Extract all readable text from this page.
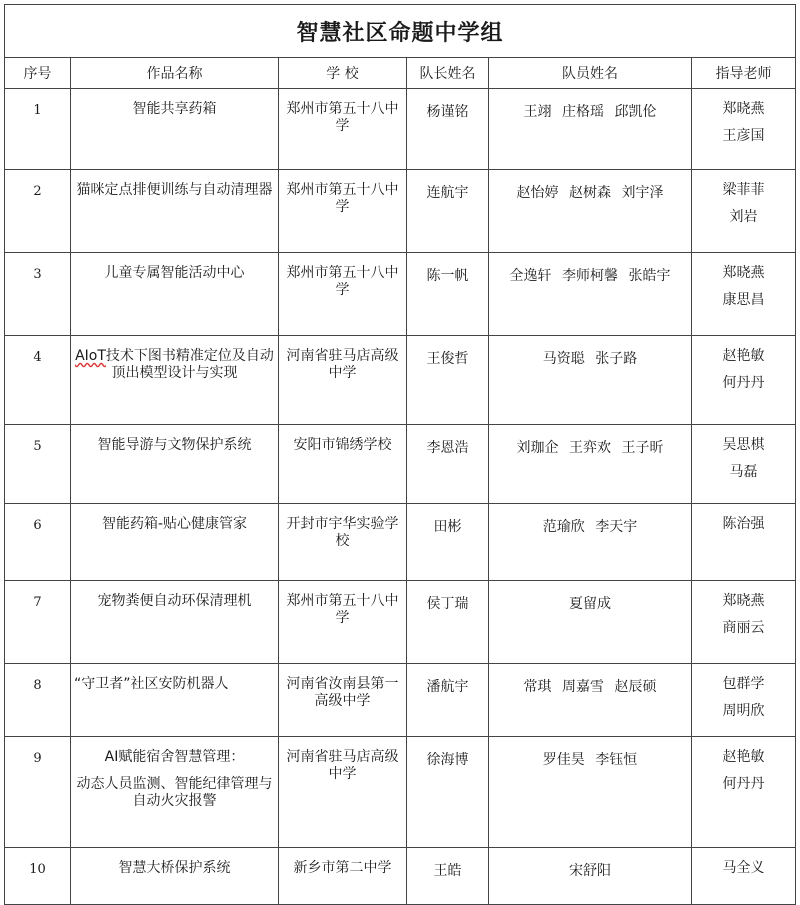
智慧社区命题中学组					
序号	作品名称	学 校	队长姓名	队员姓名	指导老师
1	智能共享药箱	郑州市第五十八中学	杨谨铭	王翊 庄格瑶 邱凯伦	郑晓燕
王彦国

2	猫咪定点排便训练与自动清理器	郑州市第五十八中学	连航宇	赵怡婷 赵树森 刘宇泽	梁菲菲
刘岩

3	儿童专属智能活动中心	郑州市第五十八中学	陈一帆	全逸轩 李师柯馨 张皓宇	郑晓燕
康思昌

4	AIoT技术下图书精准定位及自动顶出模型设计与实现	河南省驻马店高级中学	王俊哲	马资聪 张子路	赵艳敏
何丹丹

5	智能导游与文物保护系统	安阳市锦绣学校	李恩浩	刘珈企 王弈欢 王子昕	吴思棋
马磊

6	智能药箱-贴心健康管家	开封市宇华实验学校	田彬	范瑜欣 李天宇	陈治强

7	宠物粪便自动环保清理机	郑州市第五十八中学	侯丁瑞	夏留成	郑晓燕
商丽云

8	“守卫者”社区安防机器人	河南省汝南县第一高级中学	潘航宇	常琪 周嘉雪 赵辰硕	包群学
周明欣

9	AI赋能宿舍智慧管理：
动态人员监测、智能纪律管理与自动火灾报警	河南省驻马店高级中学	徐海博	罗佳昊 李钰恒	赵艳敏
何丹丹

10	智慧大桥保护系统	新乡市第二中学	王皓	宋舒阳	马全义
